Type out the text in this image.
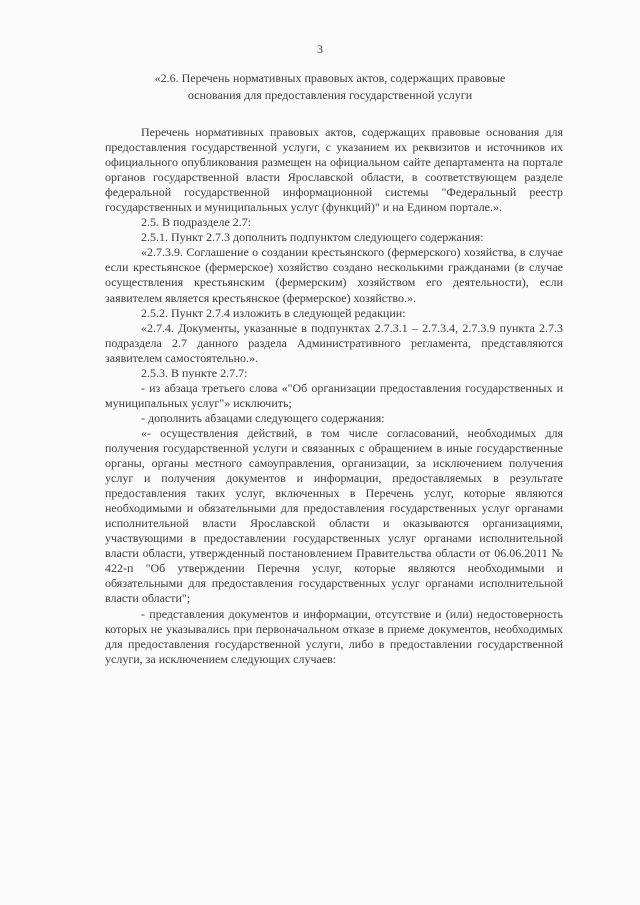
3
«2.6. Перечень нормативных правовых актов, содержащих правовые
основания для предоставления государственной услуги

Перечень нормативных правовых актов, содержащих правовые основания для предоставления государственной услуги, с указанием их реквизитов и источников их официального опубликования размещен на официальном сайте департамента на портале органов государственной власти Ярославской области, в соответствующем разделе федеральной государственной информационной системы "Федеральный реестр государственных и муниципальных услуг (функций)" и на Едином портале.».

2.5. В подразделе 2.7:

2.5.1. Пункт 2.7.3 дополнить подпунктом следующего содержания:

«2.7.3.9. Соглашение о создании крестьянского (фермерского) хозяйства, в случае если крестьянское (фермерское) хозяйство создано несколькими гражданами (в случае осуществления крестьянским (фермерским) хозяйством его деятельности), если заявителем является крестьянское (фермерское) хозяйство.».

2.5.2. Пункт 2.7.4 изложить в следующей редакции:

«2.7.4. Документы, указанные в подпунктах 2.7.3.1 – 2.7.3.4, 2.7.3.9 пункта 2.7.3 подраздела 2.7 данного раздела Административного регламента, представляются заявителем самостоятельно.».

2.5.3. В пункте 2.7.7:

- из абзаца третьего слова «"Об организации предоставления государственных и муниципальных услуг"» исключить;

- дополнить абзацами следующего содержания:

«- осуществления действий, в том числе согласований, необходимых для получения государственной услуги и связанных с обращением в иные государственные органы, органы местного самоуправления, организации, за исключением получения услуг и получения документов и информации, предоставляемых в результате предоставления таких услуг, включенных в Перечень услуг, которые являются необходимыми и обязательными для предоставления государственных услуг органами исполнительной власти Ярославской области и оказываются организациями, участвующими в предоставлении государственных услуг органами исполнительной власти области, утвержденный постановлением Правительства области от 06.06.2011 № 422-п "Об утверждении Перечня услуг, которые являются необходимыми и обязательными для предоставления государственных услуг органами исполнительной власти области";

- представления документов и информации, отсутствие и (или) недостоверность которых не указывались при первоначальном отказе в приеме документов, необходимых для предоставления государственной услуги, либо в предоставлении государственной услуги, за исключением следующих случаев:
